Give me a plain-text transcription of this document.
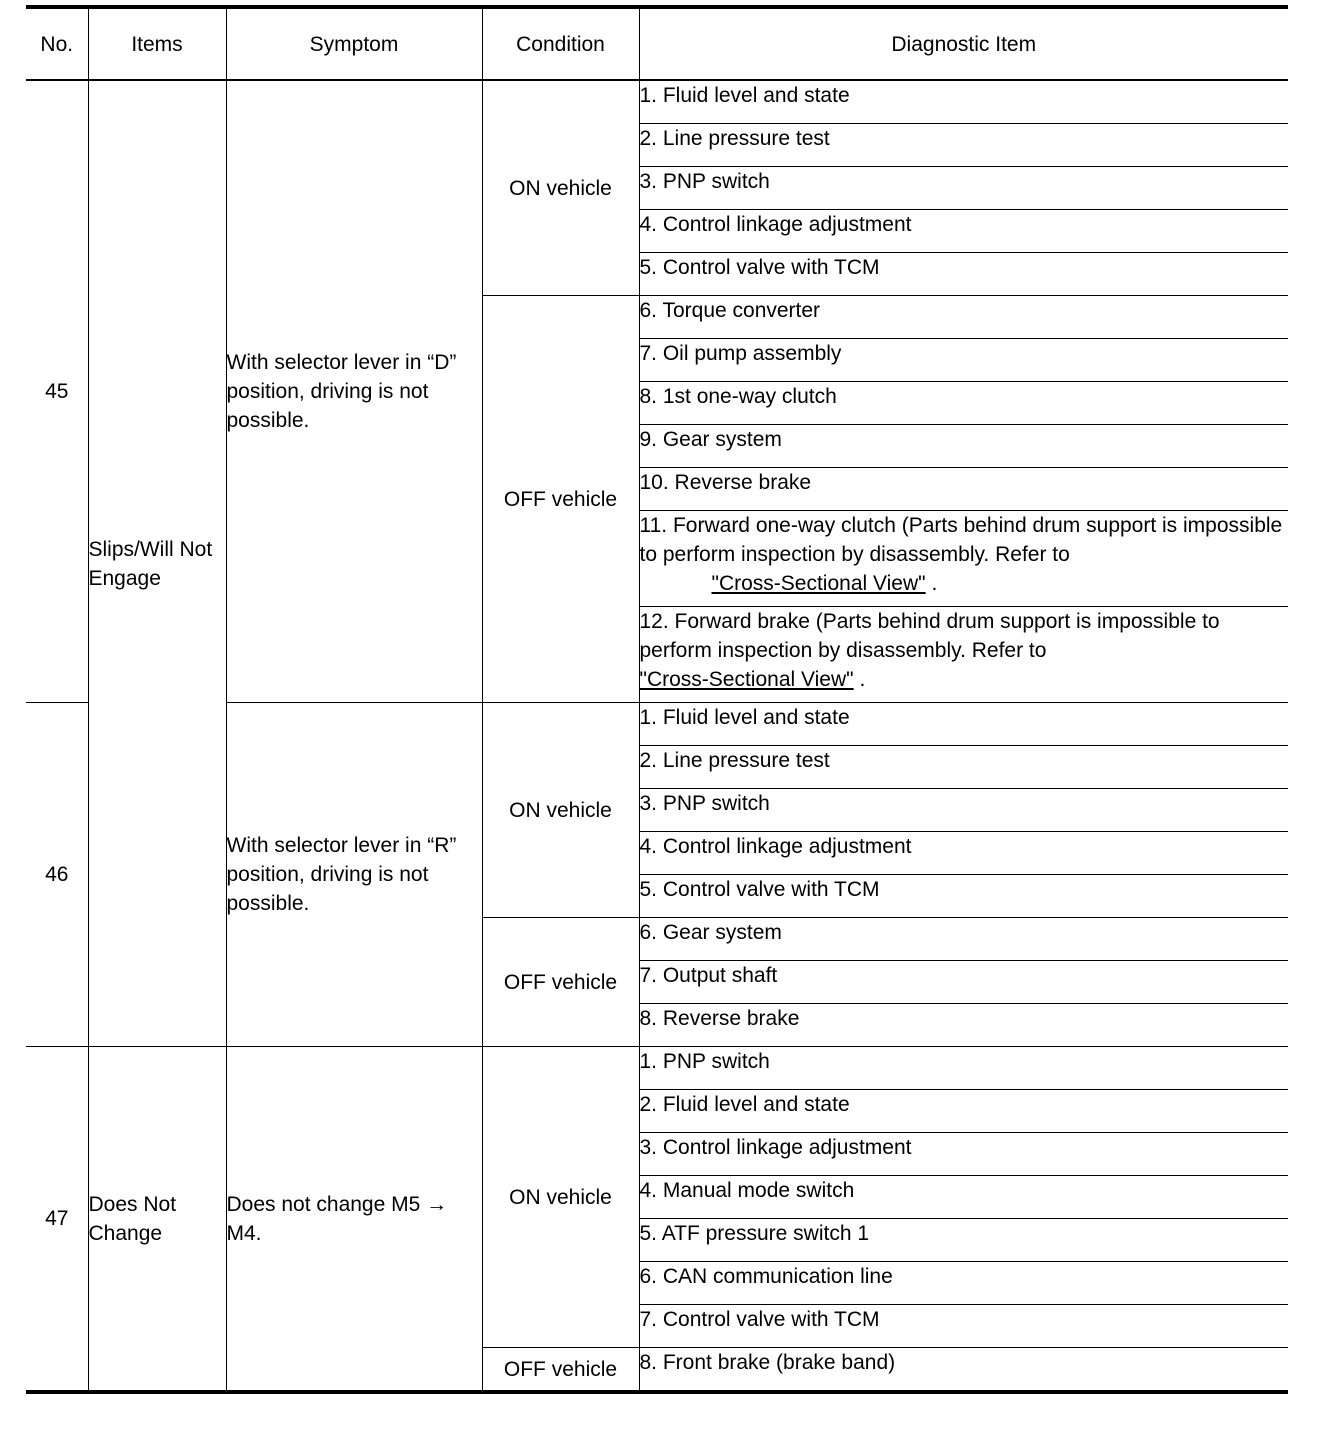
No.	Items	Symptom	Condition	Diagnostic Item
45	Slips/Will Not Engage	With selector lever in “D” position, driving is not possible.	ON vehicle	1. Fluid level and state
				2. Line pressure test
				3. PNP switch
				4. Control linkage adjustment
				5. Control valve with TCM
			OFF vehicle	6. Torque converter
				7. Oil pump assembly
				8. 1st one-way clutch
				9. Gear system
				10. Reverse brake
				11. Forward one-way clutch (Parts behind drum support is impossible to perform inspection by disassembly. Refer to
"Cross-Sectional View" .
				12. Forward brake (Parts behind drum support is impossible to perform inspection by disassembly. Refer to
"Cross-Sectional View" .
46		With selector lever in “R” position, driving is not possible.	ON vehicle	1. Fluid level and state
				2. Line pressure test
				3. PNP switch
				4. Control linkage adjustment
				5. Control valve with TCM
			OFF vehicle	6. Gear system
				7. Output shaft
				8. Reverse brake
47	Does Not Change	Does not change M5 → M4.	ON vehicle	1. PNP switch
				2. Fluid level and state
				3. Control linkage adjustment
				4. Manual mode switch
				5. ATF pressure switch 1
				6. CAN communication line
				7. Control valve with TCM
			OFF vehicle	8. Front brake (brake band)
